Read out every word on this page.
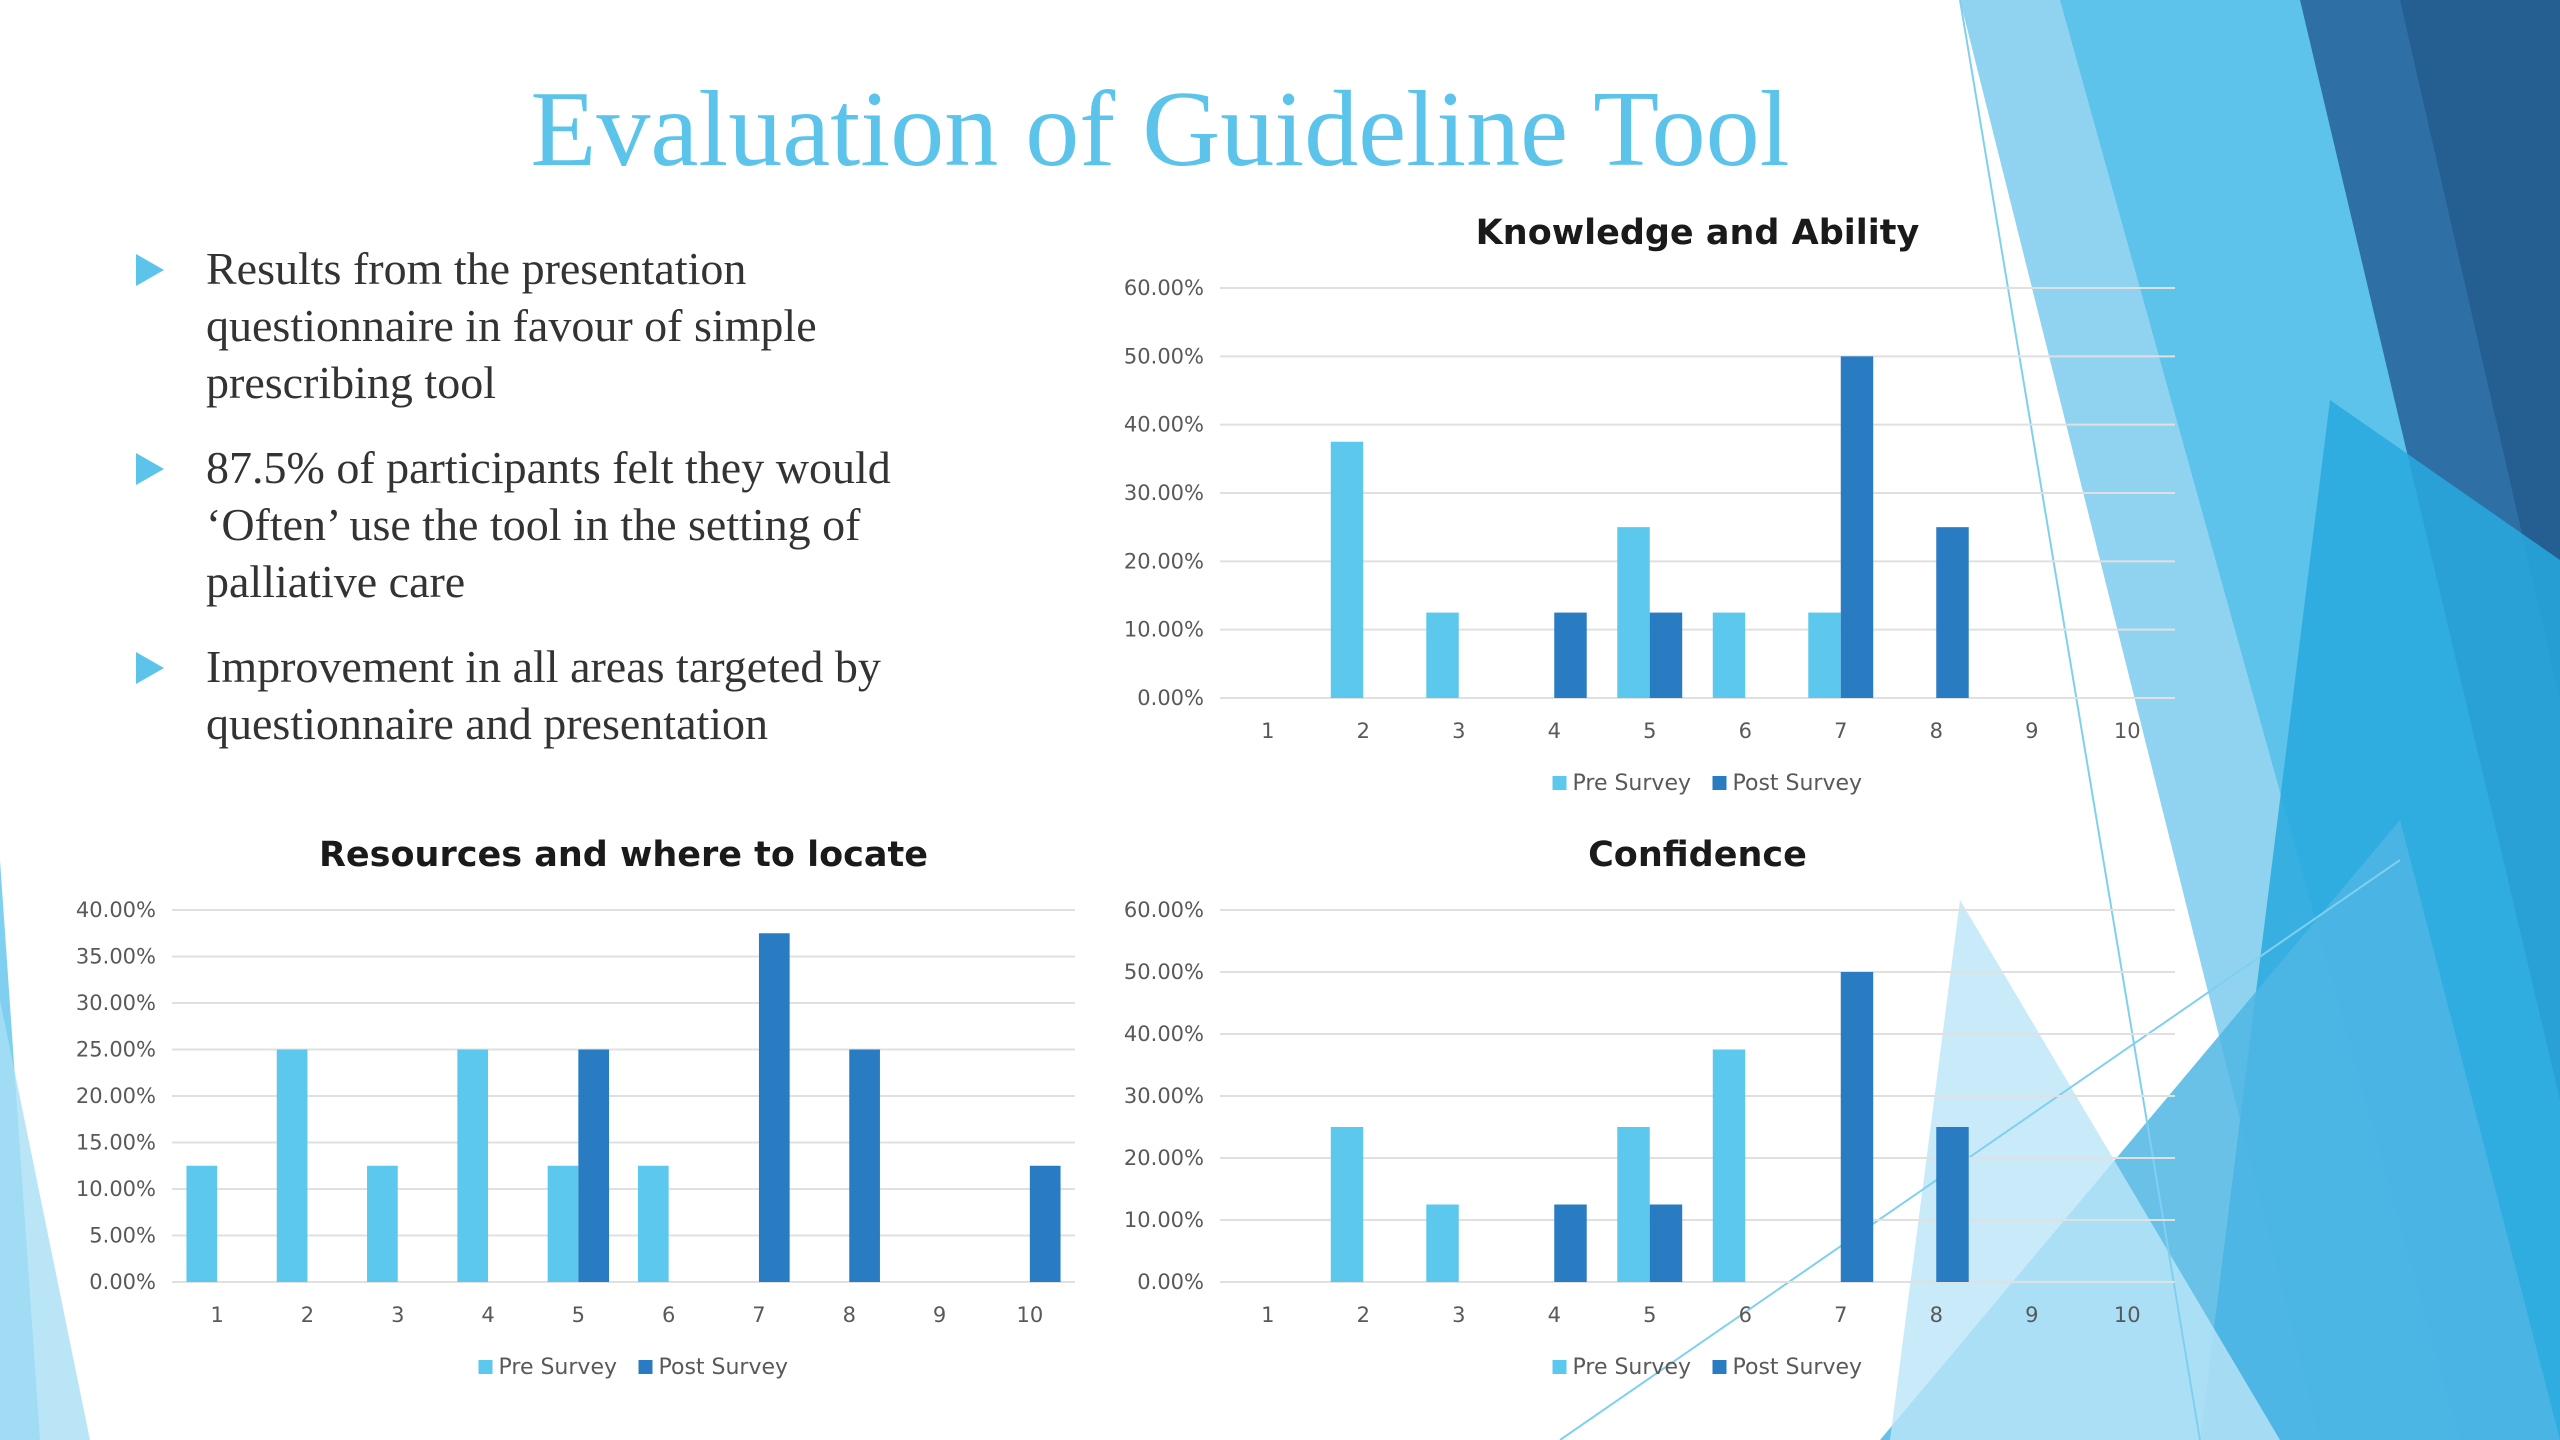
Evaluation of Guideline Tool
Results from the presentation questionnaire in favour of simple prescribing tool
87.5% of participants felt they would ‘Often’ use the tool in the setting of palliative care
Improvement in all areas targeted by questionnaire and presentation
Knowledge and Ability
0.00%
10.00%
20.00%
30.00%
40.00%
50.00%
60.00%
1	2	3	4	5	6	7	8	9	10
Pre Survey Post Survey
Resources and where to locate
0.00%
5.00%
10.00%
15.00%
20.00%
25.00%
30.00%
35.00%
40.00%
1	2	3	4	5	6	7	8	9	10
Pre Survey Post Survey
Confidence
0.00%
10.00%
20.00%
30.00%
40.00%
50.00%
60.00%
1	2	3	4	5	6	7	8	9	10
Pre Survey Post Survey
